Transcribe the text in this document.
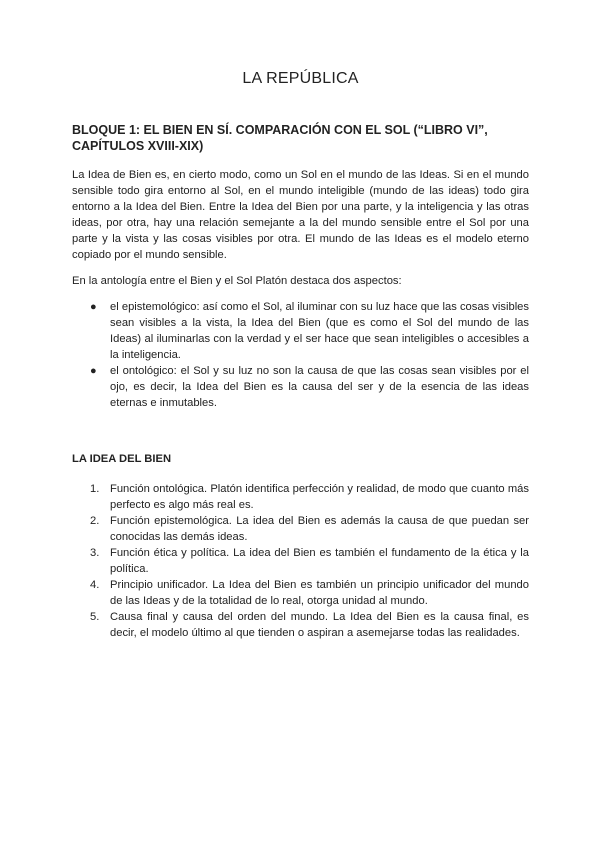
LA REPÚBLICA
BLOQUE 1: EL BIEN EN SÍ. COMPARACIÓN CON EL SOL (“LIBRO VI”, CAPÍTULOS XVIII-XIX)

La Idea de Bien es, en cierto modo, como un Sol en el mundo de las Ideas. Si en el mundo sensible todo gira entorno al Sol, en el mundo inteligible (mundo de las ideas) todo gira entorno a la Idea del Bien. Entre la Idea del Bien por una parte, y la inteligencia y las otras ideas, por otra, hay una relación semejante a la del mundo sensible entre el Sol por una parte y la vista y las cosas visibles por otra. El mundo de las Ideas es el modelo eterno copiado por el mundo sensible.

En la antología entre el Bien y el Sol Platón destaca dos aspectos:

● el epistemológico: así como el Sol, al iluminar con su luz hace que las cosas visibles sean visibles a la vista, la Idea del Bien (que es como el Sol del mundo de las Ideas) al iluminarlas con la verdad y el ser hace que sean inteligibles o accesibles a la inteligencia.
● el ontológico: el Sol y su luz no son la causa de que las cosas sean visibles por el ojo, es decir, la Idea del Bien es la causa del ser y de la esencia de las ideas eternas e inmutables.
LA IDEA DEL BIEN
1. Función ontológica. Platón identifica perfección y realidad, de modo que cuanto más perfecto es algo más real es.
2. Función epistemológica. La idea del Bien es además la causa de que puedan ser conocidas las demás ideas.
3. Función ética y política. La idea del Bien es también el fundamento de la ética y la política.
4. Principio unificador. La Idea del Bien es también un principio unificador del mundo de las Ideas y de la totalidad de lo real, otorga unidad al mundo.
5. Causa final y causa del orden del mundo. La Idea del Bien es la causa final, es decir, el modelo último al que tienden o aspiran a asemejarse todas las realidades.
